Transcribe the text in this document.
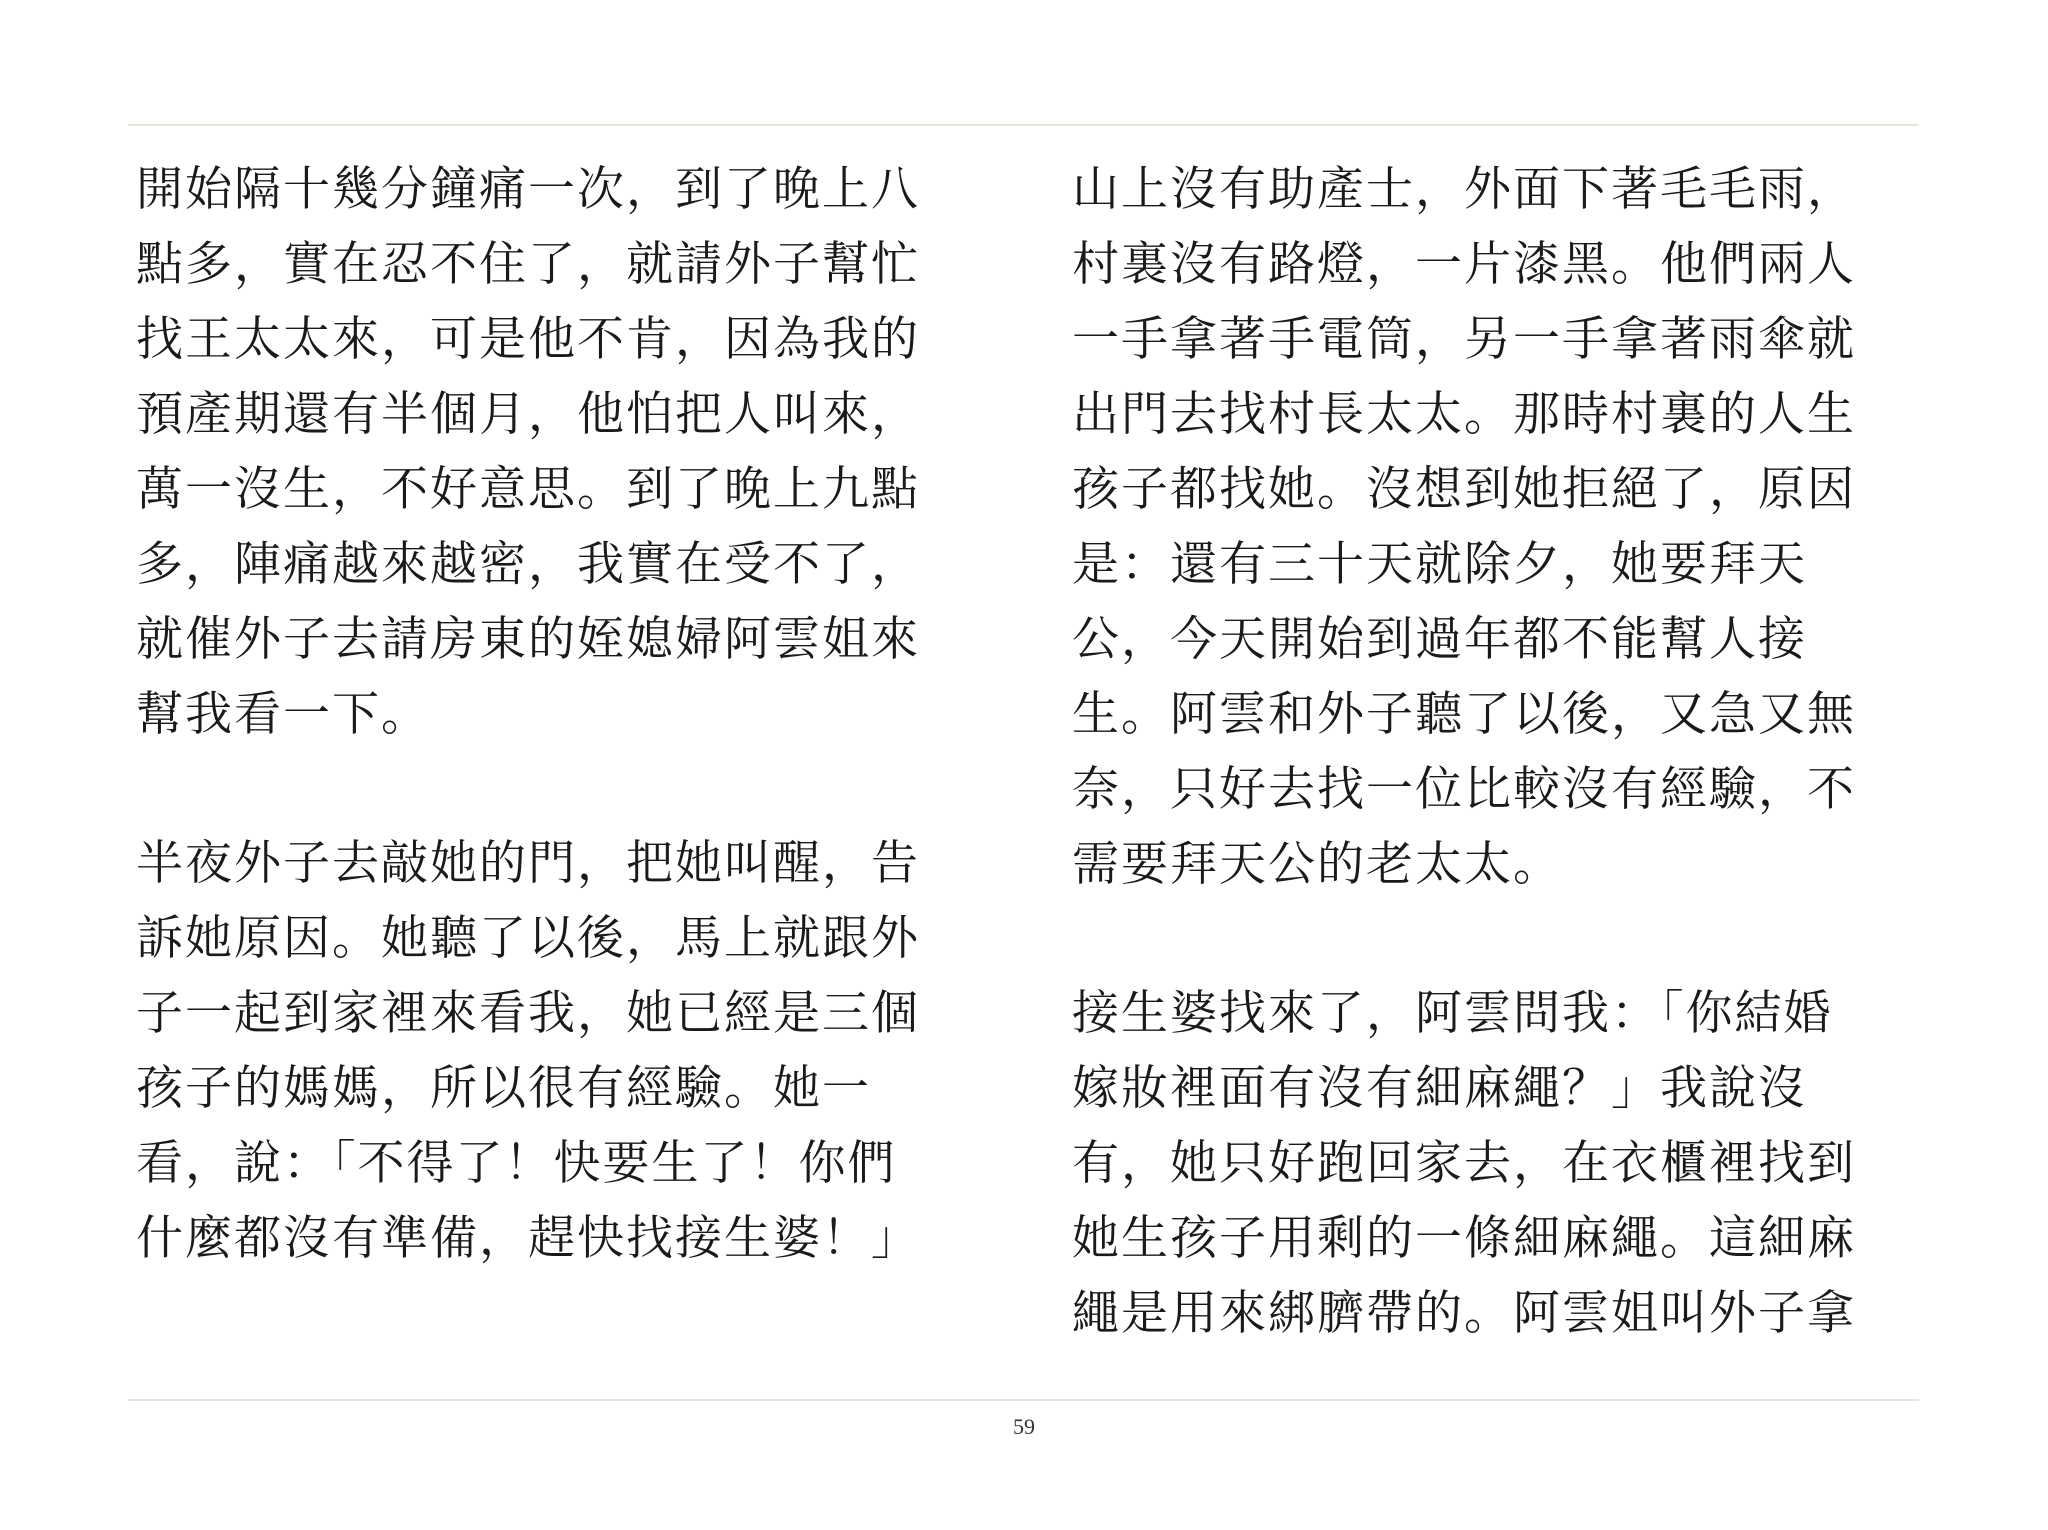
開始隔十幾分鐘痛一次，到了晚上八
點多，實在忍不住了，就請外子幫忙
找王太太來，可是他不肯，因為我的
預產期還有半個月，他怕把人叫來，
萬一沒生，不好意思。到了晚上九點
多，陣痛越來越密，我實在受不了，
就催外子去請房東的姪媳婦阿雲姐來
幫我看一下。

半夜外子去敲她的門，把她叫醒，告
訴她原因。她聽了以後，馬上就跟外
子一起到家裡來看我，她已經是三個
孩子的媽媽，所以很有經驗。她一
看，說：「不得了！快要生了！你們
什麼都沒有準備，趕快找接生婆！」

山上沒有助產士，外面下著毛毛雨，
村裏沒有路燈，一片漆黑。他們兩人
一手拿著手電筒，另一手拿著雨傘就
出門去找村長太太。那時村裏的人生
孩子都找她。沒想到她拒絕了，原因
是：還有三十天就除夕，她要拜天
公，今天開始到過年都不能幫人接
生。阿雲和外子聽了以後，又急又無
奈，只好去找一位比較沒有經驗，不
需要拜天公的老太太。

接生婆找來了，阿雲問我：「你結婚
嫁妝裡面有沒有細麻繩？」我說沒
有，她只好跑回家去，在衣櫃裡找到
她生孩子用剩的一條細麻繩。這細麻
繩是用來綁臍帶的。阿雲姐叫外子拿

59
